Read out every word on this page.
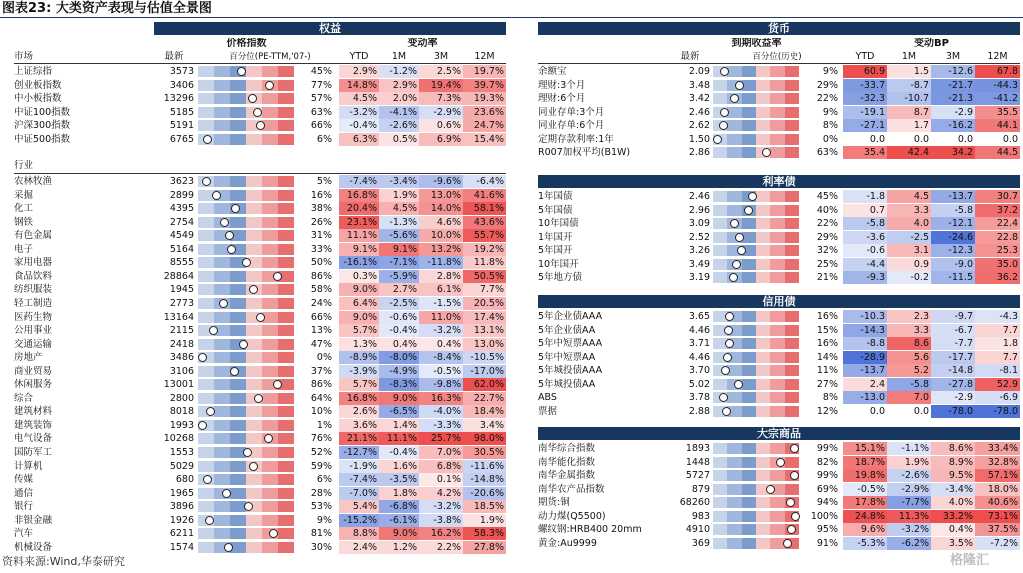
图表23: 大类资产表现与估值全景图
权益
价格指数	变动率
市场	最新	百分位(PE-TTM,'07-)	YTD	1M	3M	12M
上证综指	3573	45%	2.9%	-1.2%	2.5%	19.7%
创业板指数	3406	77%	14.8%	2.9%	19.4%	39.7%
中小板指数	13296	57%	4.5%	2.0%	7.3%	19.3%
中证100指数	5185	63%	-3.2%	-4.1%	-2.9%	23.6%
沪深300指数	5191	66%	-0.4%	-2.6%	0.6%	24.7%
中证500指数	6765	6%	6.3%	0.5%	6.9%	15.4%
行业
农林牧渔	3623	5%	-7.4%	-3.4%	-9.6%	-6.4%
采掘	2899	16%	16.8%	1.9%	13.0%	41.6%
化工	4395	38%	20.4%	4.5%	14.0%	58.1%
钢铁	2754	26%	23.1%	-1.3%	4.6%	43.6%
有色金属	4549	31%	11.1%	-5.6%	10.0%	55.7%
电子	5164	33%	9.1%	9.1%	13.2%	19.2%
家用电器	8555	50%	-16.1%	-7.1%	-11.8%	11.8%
食品饮料	28864	86%	0.3%	-5.9%	2.8%	50.5%
纺织服装	1945	58%	9.0%	2.7%	6.1%	7.7%
轻工制造	2773	24%	6.4%	-2.5%	-1.5%	20.5%
医药生物	13164	66%	9.0%	-0.6%	11.0%	17.4%
公用事业	2115	13%	5.7%	-0.4%	-3.2%	13.1%
交通运输	2418	47%	1.3%	0.4%	0.4%	13.0%
房地产	3486	0%	-8.9%	-8.0%	-8.4% -10.5%
商业贸易	3106	37%	-3.9%	-4.9%	-0.5% -17.0%
休闲服务	13001	86%	5.7%	-8.3%	-9.8%	62.0%
综合	2800	64%	16.8%	9.0%	16.3%	22.7%
建筑材料	8018	10%	2.6%	-6.5%	-4.0%	18.4%
建筑装饰	1993	1%	3.6%	1.4%	-3.3%	3.4%
电气设备	10268	76%	21.1%	11.1%	25.7%	98.0%
国防军工	1553	52%	-12.7%	-0.4%	7.0%	30.5%
计算机	5029	59%	-1.9%	1.6%	6.8% -11.6%
传媒	680	6%	-7.4%	-3.5%	0.1% -14.8%
通信	1965	28%	-7.0%	1.8%	4.2% -20.6%
银行	3896	53%	5.4%	-6.8%	-3.2%	18.5%
非银金融	1926	9%	-15.2%	-6.1%	-3.8%	1.9%
汽车	6211	81%	8.8%	9.0%	16.2%	58.3%
机械设备	1574	30%	2.4%	1.2%	2.2%	27.8%
货币
到期收益率	变动BP
最新	百分位(历史)	YTD	1M	3M	12M
余额宝	2.09	9%	60.9	1.5	-12.6	67.8
理财:3个月	3.48	29%	-33.7	-8.7	-21.7	-44.3
理财:6个月	3.42	22%	-32.3	-10.7	-21.3	-41.2
同业存单:3个月	2.46	9%	-19.1	8.7	-2.9	35.5
同业存单:6个月	2.62	8%	-27.1	1.7	-16.2	44.1
定期存款利率:1年	1.50	0%	0.0	0.0	0.0	0.0
R007加权平均(B1W)	2.86	63%	35.4	42.4	34.2	44.5
利率债
1年国债	2.46	45%	-1.8	4.5	-13.7	30.7
5年国债	2.96	40%	0.7	3.3	-5.8	37.2
10年国债	3.09	22%	-5.8	4.0	-12.1	22.4
1年国开	2.52	29%	-3.6	-2.5	-24.6	22.8
5年国开	3.26	32%	-0.6	3.1	-12.3	25.3
10年国开	3.49	25%	-4.4	0.9	-9.0	35.0
5年地方债	3.19	21%	-9.3	-0.2	-11.5	36.2
信用债
5年企业债AAA	3.65	16%	-10.3	2.3	-9.7	-4.3
5年企业债AA	4.46	15%	-14.3	3.3	-6.7	7.7
5年中短票AAA	3.71	16%	-8.8	8.6	-7.7	1.8
5年中短票AA	4.46	14%	-28.9	5.6	-17.7	7.7
5年城投债AAA	3.70	11%	-13.7	5.2	-14.8	-8.1
5年城投债AA	5.02	27%	2.4	-5.8	-27.8	52.9
ABS	3.78	8%	-13.0	7.0	-2.9	-6.9
票据	2.88	12%	0.0	0.0	-78.0	-78.0
大宗商品
南华综合指数	1893	99%	15.1%	-1.1%	8.6%	33.4%
南华能化指数	1448	82%	18.7%	1.9%	8.9%	32.8%
南华金属指数	5727	99%	19.8%	-2.6%	9.5%	57.1%
南华农产品指数	879	69%	-0.5%	-2.9%	-3.4%	18.0%
期货:铜	68260	94%	17.8%	-7.7%	4.0%	40.6%
动力煤(Q5500)	983	100%	24.8%	11.3%	33.2%	73.1%
螺纹钢:HRB400 20mm	4910	95%	9.6%	-3.2%	0.4%	37.5%
黄金:Au9999	369	91%	-5.3%	-6.2%	3.5%	-7.2%
资料来源:Wind,华泰研究	格隆汇
